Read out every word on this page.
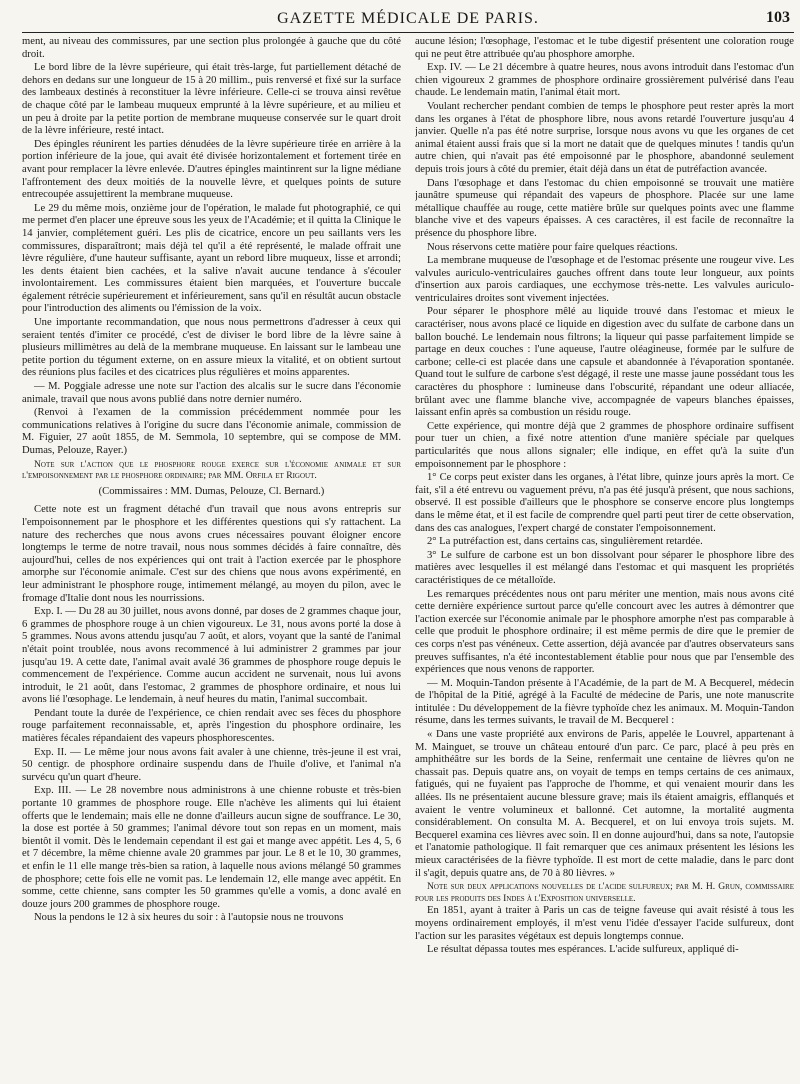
GAZETTE MÉDICALE DE PARIS.	103

ment, au niveau des commissures, par une section plus prolongée à gauche que du côté droit.

Le bord libre de la lèvre supérieure, qui était très-large, fut partiellement détaché de dehors en dedans sur une longueur de 15 à 20 millim., puis renversé et fixé sur la surface des lambeaux destinés à reconstituer la lèvre inférieure. Celle-ci se trouva ainsi revêtue de chaque côté par le lambeau muqueux emprunté à la lèvre supérieure, et au milieu et un peu à droite par la petite portion de membrane muqueuse conservée sur le quart droit de la lèvre inférieure, resté intact.

Des épingles réunirent les parties dénudées de la lèvre supérieure tirée en arrière à la portion inférieure de la joue, qui avait été divisée horizontalement et fortement tirée en avant pour remplacer la lèvre enlevée. D'autres épingles maintinrent sur la ligne médiane l'affrontement des deux moitiés de la nouvelle lèvre, et quelques points de suture entrecoupée assujettirent la membrane muqueuse.

Le 29 du même mois, onzième jour de l'opération, le malade fut photographié, ce qui me permet d'en placer une épreuve sous les yeux de l'Académie; et il quitta la Clinique le 14 janvier, complétement guéri. Les plis de cicatrice, encore un peu saillants vers les commissures, disparaîtront; mais déjà tel qu'il a été représenté, le malade offrait une lèvre régulière, d'une hauteur suffisante, ayant un rebord libre muqueux, lisse et arrondi; les dents étaient bien cachées, et la salive n'avait aucune tendance à s'écouler involontairement. Les commissures étaient bien marquées, et l'ouverture buccale également rétrécie supérieurement et inférieurement, sans qu'il en résultât aucun obstacle pour l'introduction des aliments ou l'émission de la voix.

Une importante recommandation, que nous nous permettrons d'adresser à ceux qui seraient tentés d'imiter ce procédé, c'est de diviser le bord libre de la lèvre saine à plusieurs millimètres au delà de la membrane muqueuse. En laissant sur le lambeau une petite portion du tégument externe, on en assure mieux la vitalité, et on obtient surtout des réunions plus faciles et des cicatrices plus régulières et moins apparentes.

— M. Poggiale adresse une note sur l'action des alcalis sur le sucre dans l'économie animale, travail que nous avons publié dans notre dernier numéro.

(Renvoi à l'examen de la commission précédemment nommée pour les communications relatives à l'origine du sucre dans l'économie animale, commission de M. Figuier, 27 août 1855, de M. Semmola, 10 septembre, qui se compose de MM. Dumas, Pelouze, Rayer.)

Note sur l'action que le phosphore rouge exerce sur l'économie animale et sur l'empoisonnement par le phosphore ordinaire; par MM. Orfila et Rigout.

(Commissaires : MM. Dumas, Pelouze, Cl. Bernard.)

Cette note est un fragment détaché d'un travail que nous avons entrepris sur l'empoisonnement par le phosphore et les différentes questions qui s'y rattachent. La nature des recherches que nous avons crues nécessaires pouvant éloigner encore longtemps le terme de notre travail, nous nous sommes décidés à faire connaître, dès aujourd'hui, celles de nos expériences qui ont trait à l'action exercée par le phosphore amorphe sur l'économie animale. C'est sur des chiens que nous avons expérimenté, en leur administrant le phosphore rouge, intimement mélangé, au moyen du pilon, avec le fromage d'Italie dont nous les nourrissions.

Exp. I. — Du 28 au 30 juillet, nous avons donné, par doses de 2 grammes chaque jour, 6 grammes de phosphore rouge à un chien vigoureux. Le 31, nous avons porté la dose à 5 grammes. Nous avons attendu jusqu'au 7 août, et alors, voyant que la santé de l'animal n'était point troublée, nous avons recommencé à lui administrer 2 grammes par jour jusqu'au 19. A cette date, l'animal avait avalé 36 grammes de phosphore rouge depuis le commencement de l'expérience. Comme aucun accident ne survenait, nous lui avons introduit, le 21 août, dans l'estomac, 2 grammes de phosphore ordinaire, et nous lui avons lié l'œsophage. Le lendemain, à neuf heures du matin, l'animal succombait.

Pendant toute la durée de l'expérience, ce chien rendait avec ses fèces du phosphore rouge parfaitement reconnaissable, et, après l'ingestion du phosphore ordinaire, les matières fécales répandaient des vapeurs phosphorescentes.

Exp. II. — Le même jour nous avons fait avaler à une chienne, très-jeune il est vrai, 50 centigr. de phosphore ordinaire suspendu dans de l'huile d'olive, et l'animal n'a survécu qu'un quart d'heure.

Exp. III. — Le 28 novembre nous administrons à une chienne robuste et très-bien portante 10 grammes de phosphore rouge. Elle n'achève les aliments qui lui étaient offerts que le lendemain; mais elle ne donne d'ailleurs aucun signe de souffrance. Le 30, la dose est portée à 50 grammes; l'animal dévore tout son repas en un moment, mais bientôt il vomit. Dès le lendemain cependant il est gai et mange avec appétit. Les 4, 5, 6 et 7 décembre, la même chienne avale 20 grammes par jour. Le 8 et le 10, 30 grammes, et enfin le 11 elle mange très-bien sa ration, à laquelle nous avions mélangé 50 grammes de phosphore; cette fois elle ne vomit pas. Le lendemain 12, elle mange avec appétit. En somme, cette chienne, sans compter les 50 grammes qu'elle a vomis, a donc avalé en douze jours 200 grammes de phosphore rouge.

Nous la pendons le 12 à six heures du soir : à l'autopsie nous ne trouvons

aucune lésion; l'œsophage, l'estomac et le tube digestif présentent une coloration rouge qui ne peut être attribuée qu'au phosphore amorphe.

Exp. IV. — Le 21 décembre à quatre heures, nous avons introduit dans l'estomac d'un chien vigoureux 2 grammes de phosphore ordinaire grossièrement pulvérisé dans l'eau chaude. Le lendemain matin, l'animal était mort.

Voulant rechercher pendant combien de temps le phosphore peut rester après la mort dans les organes à l'état de phosphore libre, nous avons retardé l'ouverture jusqu'au 4 janvier. Quelle n'a pas été notre surprise, lorsque nous avons vu que les organes de cet animal étaient aussi frais que si la mort ne datait que de quelques minutes ! tandis qu'un autre chien, qui n'avait pas été empoisonné par le phosphore, abandonné seulement depuis trois jours à côté du premier, était déjà dans un état de putréfaction avancée.

Dans l'œsophage et dans l'estomac du chien empoisonné se trouvait une matière jaunâtre spumeuse qui répandait des vapeurs de phosphore. Placée sur une lame métallique chauffée au rouge, cette matière brûle sur quelques points avec une flamme blanche vive et des vapeurs épaisses. A ces caractères, il est facile de reconnaître la présence du phosphore libre.

Nous réservons cette matière pour faire quelques réactions.

La membrane muqueuse de l'œsophage et de l'estomac présente une rougeur vive. Les valvules auriculo-ventriculaires gauches offrent dans toute leur longueur, aux points d'insertion aux parois cardiaques, une ecchymose très-nette. Les valvules auriculo-ventriculaires droites sont vivement injectées.

Pour séparer le phosphore mêlé au liquide trouvé dans l'estomac et mieux le caractériser, nous avons placé ce liquide en digestion avec du sulfate de carbone dans un ballon bouché. Le lendemain nous filtrons; la liqueur qui passe parfaitement limpide se partage en deux couches : l'une aqueuse, l'autre oléagineuse, formée par le sulfure de carbone; celle-ci est placée dans une capsule et abandonnée à l'évaporation spontanée. Quand tout le sulfure de carbone s'est dégagé, il reste une masse jaune possédant tous les caractères du phosphore : lumineuse dans l'obscurité, répandant une odeur alliacée, brûlant avec une flamme blanche vive, accompagnée de vapeurs blanches épaisses, laissant enfin après sa combustion un résidu rouge.

Cette expérience, qui montre déjà que 2 grammes de phosphore ordinaire suffisent pour tuer un chien, a fixé notre attention d'une manière spéciale par quelques particularités que nous allons signaler; elle indique, en effet qu'à la suite d'un empoisonnement par le phosphore :

1° Ce corps peut exister dans les organes, à l'état libre, quinze jours après la mort. Ce fait, s'il a été entrevu ou vaguement prévu, n'a pas été jusqu'à présent, que nous sachions, observé. Il est possible d'ailleurs que le phosphore se conserve encore plus longtemps dans le même état, et il est facile de comprendre quel parti peut tirer de cette observation, dans des cas analogues, l'expert chargé de constater l'empoisonnement.

2° La putréfaction est, dans certains cas, singulièrement retardée.

3° Le sulfure de carbone est un bon dissolvant pour séparer le phosphore libre des matières avec lesquelles il est mélangé dans l'estomac et qui masquent les propriétés caractéristiques de ce métalloïde.

Les remarques précédentes nous ont paru mériter une mention, mais nous avons cité cette dernière expérience surtout parce qu'elle concourt avec les autres à démontrer que l'action exercée sur l'économie animale par le phosphore amorphe n'est pas comparable à celle que produit le phosphore ordinaire; il est même permis de dire que le premier de ces corps n'est pas vénéneux. Cette assertion, déjà avancée par d'autres observateurs sans preuves suffisantes, n'a été incontestablement établie pour nous que par l'ensemble des expériences que nous venons de rapporter.

— M. Moquin-Tandon présente à l'Académie, de la part de M. A Becquerel, médecin de l'hôpital de la Pitié, agrégé à la Faculté de médecine de Paris, une note manuscrite intitulée : Du développement de la fièvre typhoïde chez les animaux. M. Moquin-Tandon résume, dans les termes suivants, le travail de M. Becquerel :

« Dans une vaste propriété aux environs de Paris, appelée le Louvrel, appartenant à M. Mainguet, se trouve un château entouré d'un parc. Ce parc, placé à peu près en amphithéâtre sur les bords de la Seine, renfermait une centaine de lièvres qu'on ne chassait pas. Depuis quatre ans, on voyait de temps en temps certains de ces animaux, fatigués, qui ne fuyaient pas l'approche de l'homme, et qui venaient mourir dans les allées. Ils ne présentaient aucune blessure grave; mais ils étaient amaigris, efflanqués et avaient le ventre volumineux et ballonné. Cet automne, la mortalité augmenta considérablement. On consulta M. A. Becquerel, et on lui envoya trois sujets. M. Becquerel examina ces lièvres avec soin. Il en donne aujourd'hui, dans sa note, l'autopsie et l'anatomie pathologique. Il fait remarquer que ces animaux présentent les lésions les mieux caractérisées de la fièvre typhoïde. Il est mort de cette maladie, dans le parc dont il s'agit, depuis quatre ans, de 70 à 80 lièvres. »

Note sur deux applications nouvelles de l'acide sulfureux; par M. H. Grun, commissaire pour les produits des Indes à l'Exposition universelle.

En 1851, ayant à traiter à Paris un cas de teigne faveuse qui avait résisté à tous les moyens ordinairement employés, il m'est venu l'idée d'essayer l'acide sulfureux, dont l'action sur les parasites végétaux est depuis longtemps connue.

Le résultat dépassa toutes mes espérances. L'acide sulfureux, appliqué di-
